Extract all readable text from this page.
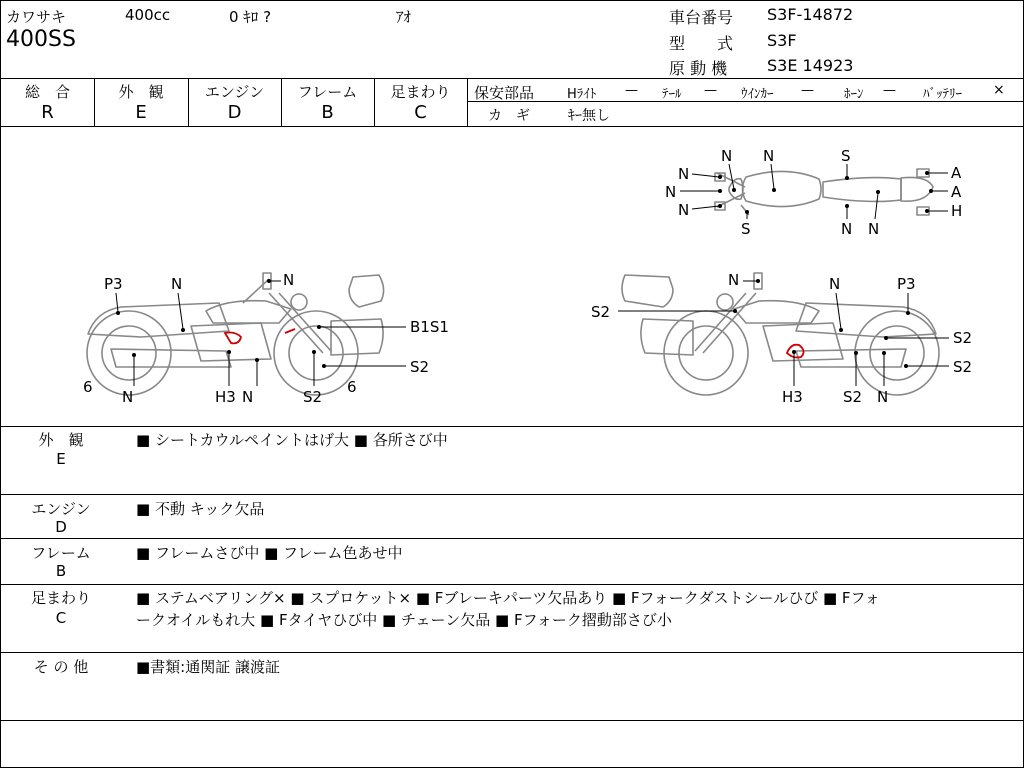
カワサキ	400cc	0 ｷﾛ ?	ｱｵ
400SS
車台番号 S3F-14872
型　　式 S3F
原 動 機 S3E 14923
総　合
R
外　観
E
エンジン
D
フレーム
B
足まわり
C
保安部品	Hﾗｲﾄ — ﾃｰﾙ — ｳｲﾝｶｰ — ﾎｰﾝ — ﾊﾞｯﾃﾘｰ ×
カ　ギ	ｷｰ無し
N N
N
N
N
S
A
A
H
S	N N
N
P3	N
B1S1
S2
6
N	H3 N	S2
6
N	N	P3
S2
S2
S2
S2
H3	N
外　観
E
■ シートカウルペイントはげ大 ■ 各所さび中
エンジン
D
■ 不動 キック欠品
フレーム
B
■ フレームさび中 ■ フレーム色あせ中
足まわり
C
■ ステムベアリング× ■ スプロケット× ■ Fブレーキパーツ欠品あり ■ Fフォークダストシールひび ■ Fフォ
ークオイルもれ大 ■ Fタイヤひび中 ■ チェーン欠品 ■ Fフォーク摺動部さび小
そ の 他	■書類:通関証 譲渡証
